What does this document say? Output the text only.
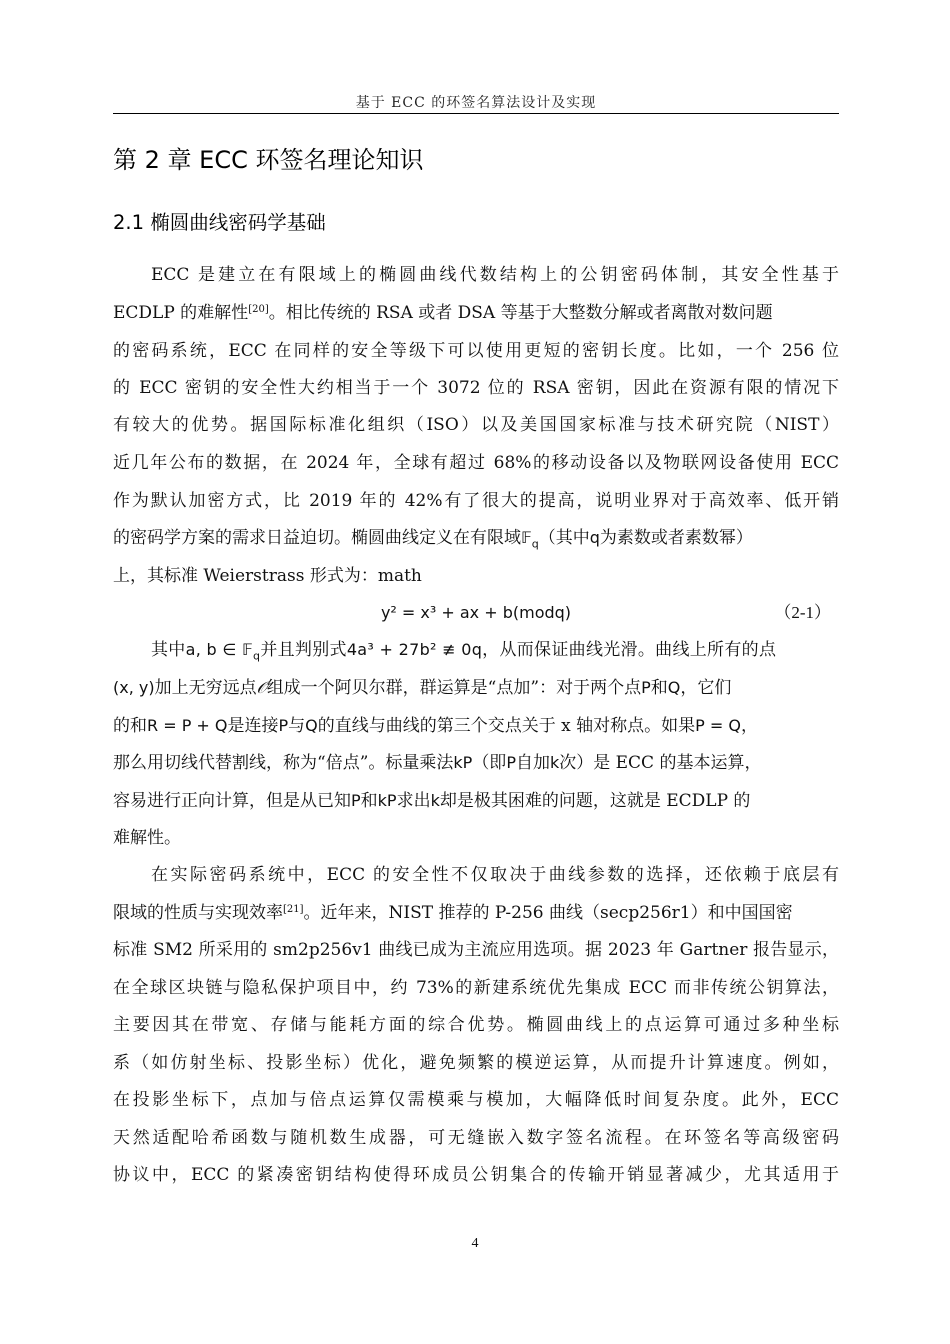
基于 ECC 的环签名算法设计及实现
第 2 章 ECC 环签名理论知识
2.1 椭圆曲线密码学基础
ECC 是建立在有限域上的椭圆曲线代数结构上的公钥密码体制，其安全性基于
ECDLP 的难解性[20]。相比传统的 RSA 或者 DSA 等基于大整数分解或者离散对数问题
的密码系统，ECC 在同样的安全等级下可以使用更短的密钥长度。比如，一个 256 位
的 ECC 密钥的安全性大约相当于一个 3072 位的 RSA 密钥，因此在资源有限的情况下
有较大的优势。据国际标准化组织（ISO）以及美国国家标准与技术研究院（NIST）
近几年公布的数据，在 2024 年，全球有超过 68%的移动设备以及物联网设备使用 ECC
作为默认加密方式，比 2019 年的 42%有了很大的提高，说明业界对于高效率、低开销
的密码学方案的需求日益迫切。椭圆曲线定义在有限域𝔽$_q$（其中q为素数或者素数幂）
上，其标准 Weierstrass 形式为：math
y² = x³ + ax + b(modq)	（2-1）
其中a, b ∈ 𝔽$_q$并且判别式4a³ + 27b² ≢ 0q，从而保证曲线光滑。曲线上所有的点
(x, y)加上无穷远点𝒪组成一个阿贝尔群，群运算是“点加”：对于两个点P和Q，它们
的和R = P + Q是连接P与Q的直线与曲线的第三个交点关于 x 轴对称点。如果P = Q，
那么用切线代替割线，称为“倍点”。标量乘法kP（即P自加k次）是 ECC 的基本运算，
容易进行正向计算，但是从已知P和kP求出k却是极其困难的问题，这就是 ECDLP 的
难解性。
在实际密码系统中，ECC 的安全性不仅取决于曲线参数的选择，还依赖于底层有
限域的性质与实现效率[21]。近年来，NIST 推荐的 P-256 曲线（secp256r1）和中国国密
标准 SM2 所采用的 sm2p256v1 曲线已成为主流应用选项。据 2023 年 Gartner 报告显示，
在全球区块链与隐私保护项目中，约 73%的新建系统优先集成 ECC 而非传统公钥算法，
主要因其在带宽、存储与能耗方面的综合优势。椭圆曲线上的点运算可通过多种坐标
系（如仿射坐标、投影坐标）优化，避免频繁的模逆运算，从而提升计算速度。例如，
在投影坐标下，点加与倍点运算仅需模乘与模加，大幅降低时间复杂度。此外，ECC
天然适配哈希函数与随机数生成器，可无缝嵌入数字签名流程。在环签名等高级密码
协议中，ECC 的紧凑密钥结构使得环成员公钥集合的传输开销显著减少，尤其适用于
4
